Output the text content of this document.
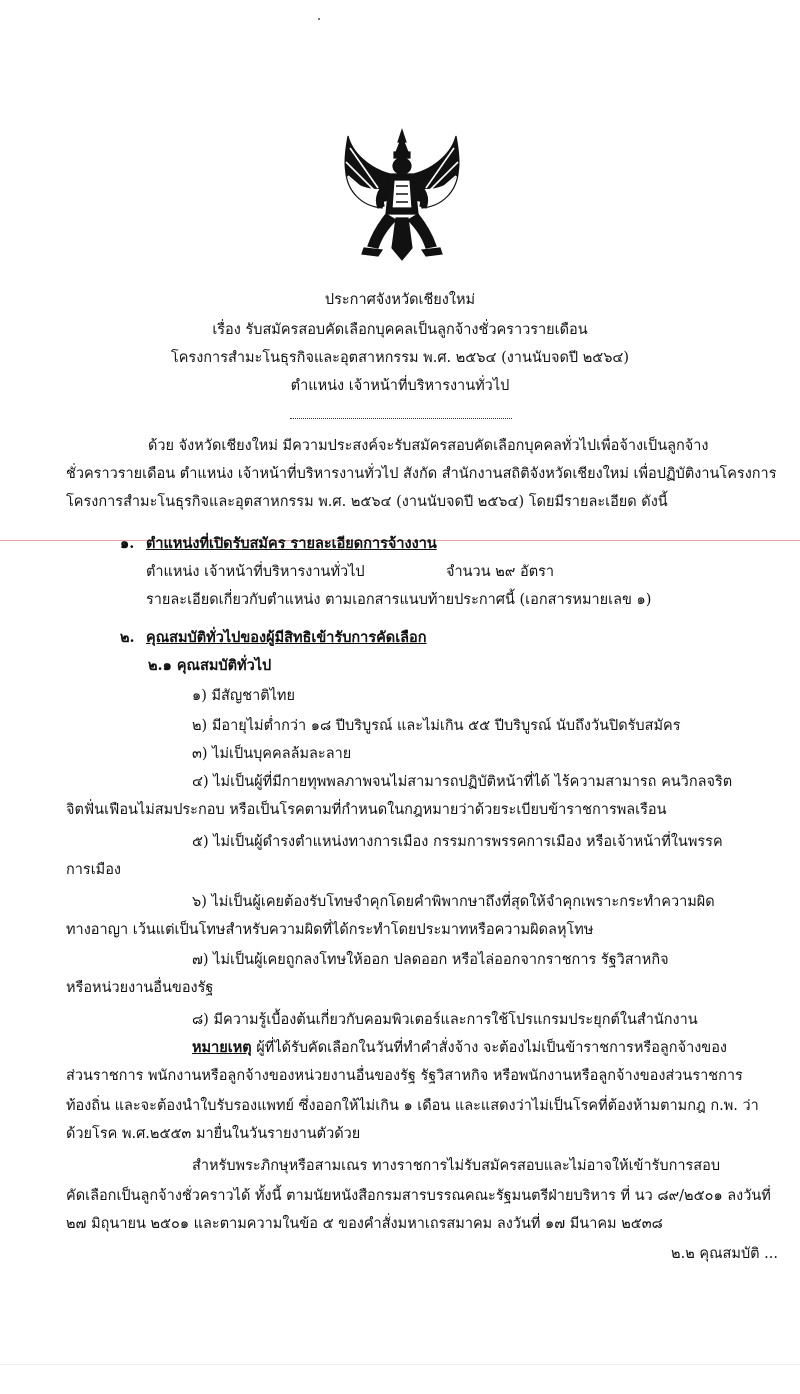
ประกาศจังหวัดเชียงใหม่
เรื่อง รับสมัครสอบคัดเลือกบุคคลเป็นลูกจ้างชั่วคราวรายเดือน
โครงการสำมะโนธุรกิจและอุตสาหกรรม พ.ศ. ๒๕๖๔ (งานนับจดปี ๒๕๖๔)
ตำแหน่ง เจ้าหน้าที่บริหารงานทั่วไป
ด้วย จังหวัดเชียงใหม่ มีความประสงค์จะรับสมัครสอบคัดเลือกบุคคลทั่วไปเพื่อจ้างเป็นลูกจ้าง
ชั่วคราวรายเดือน ตำแหน่ง เจ้าหน้าที่บริหารงานทั่วไป สังกัด สำนักงานสถิติจังหวัดเชียงใหม่ เพื่อปฏิบัติงานโครงการ
โครงการสำมะโนธุรกิจและอุตสาหกรรม พ.ศ. ๒๕๖๔ (งานนับจดปี ๒๕๖๔) โดยมีรายละเอียด ดังนี้
๑. ตำแหน่งที่เปิดรับสมัคร รายละเอียดการจ้างงาน
ตำแหน่ง เจ้าหน้าที่บริหารงานทั่วไป	จำนวน ๒๙ อัตรา
รายละเอียดเกี่ยวกับตำแหน่ง ตามเอกสารแนบท้ายประกาศนี้ (เอกสารหมายเลข ๑)
๒. คุณสมบัติทั่วไปของผู้มีสิทธิเข้ารับการคัดเลือก
๒.๑ คุณสมบัติทั่วไป
๑) มีสัญชาติไทย
๒) มีอายุไม่ต่ำกว่า ๑๘ ปีบริบูรณ์ และไม่เกิน ๕๕ ปีบริบูรณ์ นับถึงวันปิดรับสมัคร
๓) ไม่เป็นบุคคลล้มละลาย
๔) ไม่เป็นผู้ที่มีกายทุพพลภาพจนไม่สามารถปฏิบัติหน้าที่ได้ ไร้ความสามารถ คนวิกลจริต
จิตฟั่นเฟือนไม่สมประกอบ หรือเป็นโรคตามที่กำหนดในกฎหมายว่าด้วยระเบียบข้าราชการพลเรือน
๕) ไม่เป็นผู้ดำรงตำแหน่งทางการเมือง กรรมการพรรคการเมือง หรือเจ้าหน้าที่ในพรรค
การเมือง
๖) ไม่เป็นผู้เคยต้องรับโทษจำคุกโดยคำพิพากษาถึงที่สุดให้จำคุกเพราะกระทำความผิด
ทางอาญา เว้นแต่เป็นโทษสำหรับความผิดที่ได้กระทำโดยประมาทหรือความผิดลหุโทษ
๗) ไม่เป็นผู้เคยถูกลงโทษให้ออก ปลดออก หรือไล่ออกจากราชการ รัฐวิสาหกิจ
หรือหน่วยงานอื่นของรัฐ
๘) มีความรู้เบื้องต้นเกี่ยวกับคอมพิวเตอร์และการใช้โปรแกรมประยุกต์ในสำนักงาน
หมายเหตุ ผู้ที่ได้รับคัดเลือกในวันที่ทำคำสั่งจ้าง จะต้องไม่เป็นข้าราชการหรือลูกจ้างของ
ส่วนราชการ พนักงานหรือลูกจ้างของหน่วยงานอื่นของรัฐ รัฐวิสาหกิจ หรือพนักงานหรือลูกจ้างของส่วนราชการ
ท้องถิ่น และจะต้องนำใบรับรองแพทย์ ซึ่งออกให้ไม่เกิน ๑ เดือน และแสดงว่าไม่เป็นโรคที่ต้องห้ามตามกฎ ก.พ. ว่า
ด้วยโรค พ.ศ.๒๕๕๓ มายื่นในวันรายงานตัวด้วย
สำหรับพระภิกษุหรือสามเณร ทางราชการไม่รับสมัครสอบและไม่อาจให้เข้ารับการสอบ
คัดเลือกเป็นลูกจ้างชั่วคราวได้ ทั้งนี้ ตามนัยหนังสือกรมสารบรรณคณะรัฐมนตรีฝ่ายบริหาร ที่ นว ๘๙/๒๕๐๑ ลงวันที่
๒๗ มิถุนายน ๒๕๐๑ และตามความในข้อ ๕ ของคำสั่งมหาเถรสมาคม ลงวันที่ ๑๗ มีนาคม ๒๕๓๘
๒.๒ คุณสมบัติ ...
